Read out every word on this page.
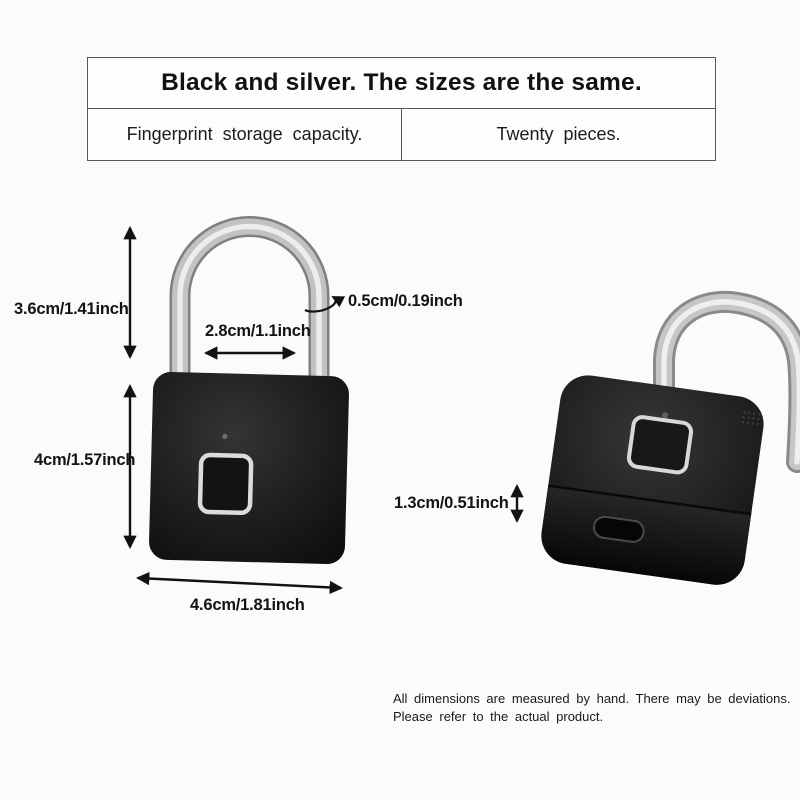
Black and silver. The sizes are the same.
Fingerprint storage capacity.	Twenty pieces.
3.6cm/1.41inch
2.8cm/1.1inch
0.5cm/0.19inch
4cm/1.57inch
4.6cm/1.81inch
1.3cm/0.51inch
All dimensions are measured by hand. There may be deviations.
Please refer to the actual product.
